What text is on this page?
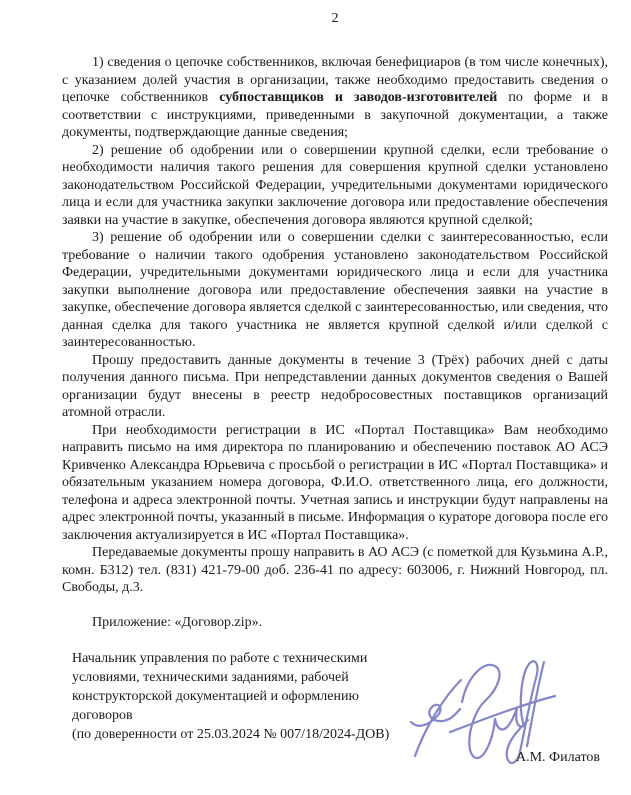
2

1) сведения о цепочке собственников, включая бенефициаров (в том числе конечных), с указанием долей участия в организации, также необходимо предоставить сведения о цепочке собственников субпоставщиков и заводов-изготовителей по форме и в соответствии с инструкциями, приведенными в закупочной документации, а также документы, подтверждающие данные сведения;

2) решение об одобрении или о совершении крупной сделки, если требование о необходимости наличия такого решения для совершения крупной сделки установлено законодательством Российской Федерации, учредительными документами юридического лица и если для участника закупки заключение договора или предоставление обеспечения заявки на участие в закупке, обеспечения договора являются крупной сделкой;

3) решение об одобрении или о совершении сделки с заинтересованностью, если требование о наличии такого одобрения установлено законодательством Российской Федерации, учредительными документами юридического лица и если для участника закупки выполнение договора или предоставление обеспечения заявки на участие в закупке, обеспечение договора является сделкой с заинтересованностью, или сведения, что данная сделка для такого участника не является крупной сделкой и/или сделкой с заинтересованностью.

Прошу предоставить данные документы в течение 3 (Трёх) рабочих дней с даты получения данного письма. При непредставлении данных документов сведения о Вашей организации будут внесены в реестр недобросовестных поставщиков организаций атомной отрасли.

При необходимости регистрации в ИС «Портал Поставщика» Вам необходимо направить письмо на имя директора по планированию и обеспечению поставок АО АСЭ Кривченко Александра Юрьевича с просьбой о регистрации в ИС «Портал Поставщика» и обязательным указанием номера договора, Ф.И.О. ответственного лица, его должности, телефона и адреса электронной почты. Учетная запись и инструкции будут направлены на адрес электронной почты, указанный в письме. Информация о кураторе договора после его заключения актуализируется в ИС «Портал Поставщика».

Передаваемые документы прошу направить в АО АСЭ (с пометкой для Кузьмина А.Р., комн. Б312) тел. (831) 421-79-00 доб. 236-41 по адресу: 603006, г. Нижний Новгород, пл. Свободы, д.3.

Приложение: «Договор.zip».

Начальник управления по работе с техническими
условиями, техническими заданиями, рабочей
конструкторской документацией и оформлению
договоров
(по доверенности от 25.03.2024 № 007/18/2024-ДОВ)
А.М. Филатов
